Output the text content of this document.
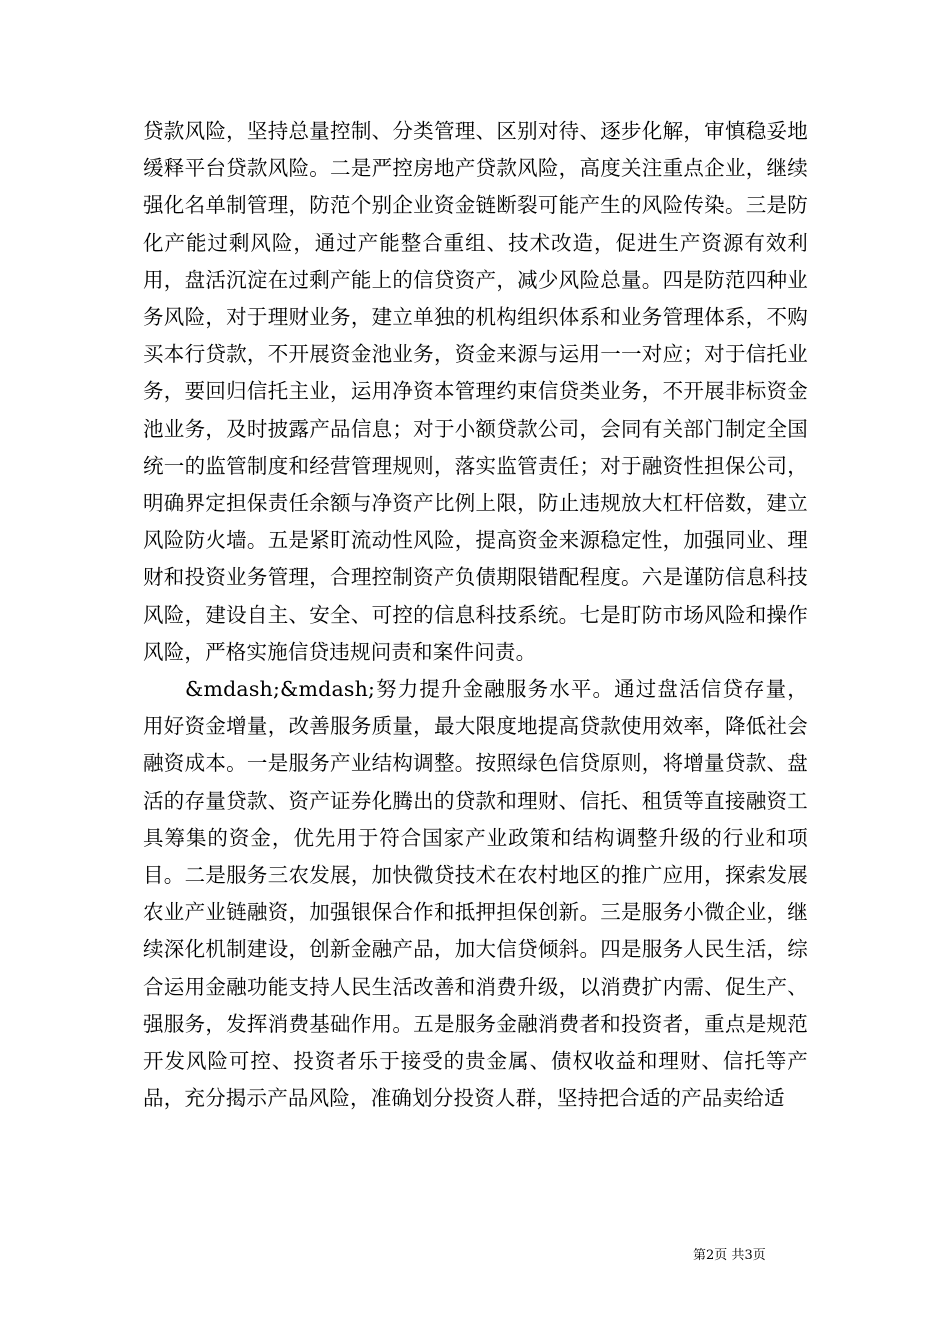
贷款风险，坚持总量控制、分类管理、区别对待、逐步化解，审慎稳妥地缓释平台贷款风险。二是严控房地产贷款风险，高度关注重点企业，继续强化名单制管理，防范个别企业资金链断裂可能产生的风险传染。三是防化产能过剩风险，通过产能整合重组、技术改造，促进生产资源有效利用，盘活沉淀在过剩产能上的信贷资产，减少风险总量。四是防范四种业务风险，对于理财业务，建立单独的机构组织体系和业务管理体系，不购买本行贷款，不开展资金池业务，资金来源与运用一一对应；对于信托业务，要回归信托主业，运用净资本管理约束信贷类业务，不开展非标资金池业务，及时披露产品信息；对于小额贷款公司，会同有关部门制定全国统一的监管制度和经营管理规则，落实监管责任；对于融资性担保公司，明确界定担保责任余额与净资产比例上限，防止违规放大杠杆倍数，建立风险防火墙。五是紧盯流动性风险，提高资金来源稳定性，加强同业、理财和投资业务管理，合理控制资产负债期限错配程度。六是谨防信息科技风险，建设自主、安全、可控的信息科技系统。七是盯防市场风险和操作风险，严格实施信贷违规问责和案件问责。

&mdash;&mdash;努力提升金融服务水平。通过盘活信贷存量，用好资金增量，改善服务质量，最大限度地提高贷款使用效率，降低社会融资成本。一是服务产业结构调整。按照绿色信贷原则，将增量贷款、盘活的存量贷款、资产证券化腾出的贷款和理财、信托、租赁等直接融资工具筹集的资金，优先用于符合国家产业政策和结构调整升级的行业和项目。二是服务三农发展，加快微贷技术在农村地区的推广应用，探索发展农业产业链融资，加强银保合作和抵押担保创新。三是服务小微企业，继续深化机制建设，创新金融产品，加大信贷倾斜。四是服务人民生活，综合运用金融功能支持人民生活改善和消费升级，以消费扩内需、促生产、强服务，发挥消费基础作用。五是服务金融消费者和投资者，重点是规范开发风险可控、投资者乐于接受的贵金属、债权收益和理财、信托等产品，充分揭示产品风险，准确划分投资人群，坚持把合适的产品卖给适

第2页 共3页
